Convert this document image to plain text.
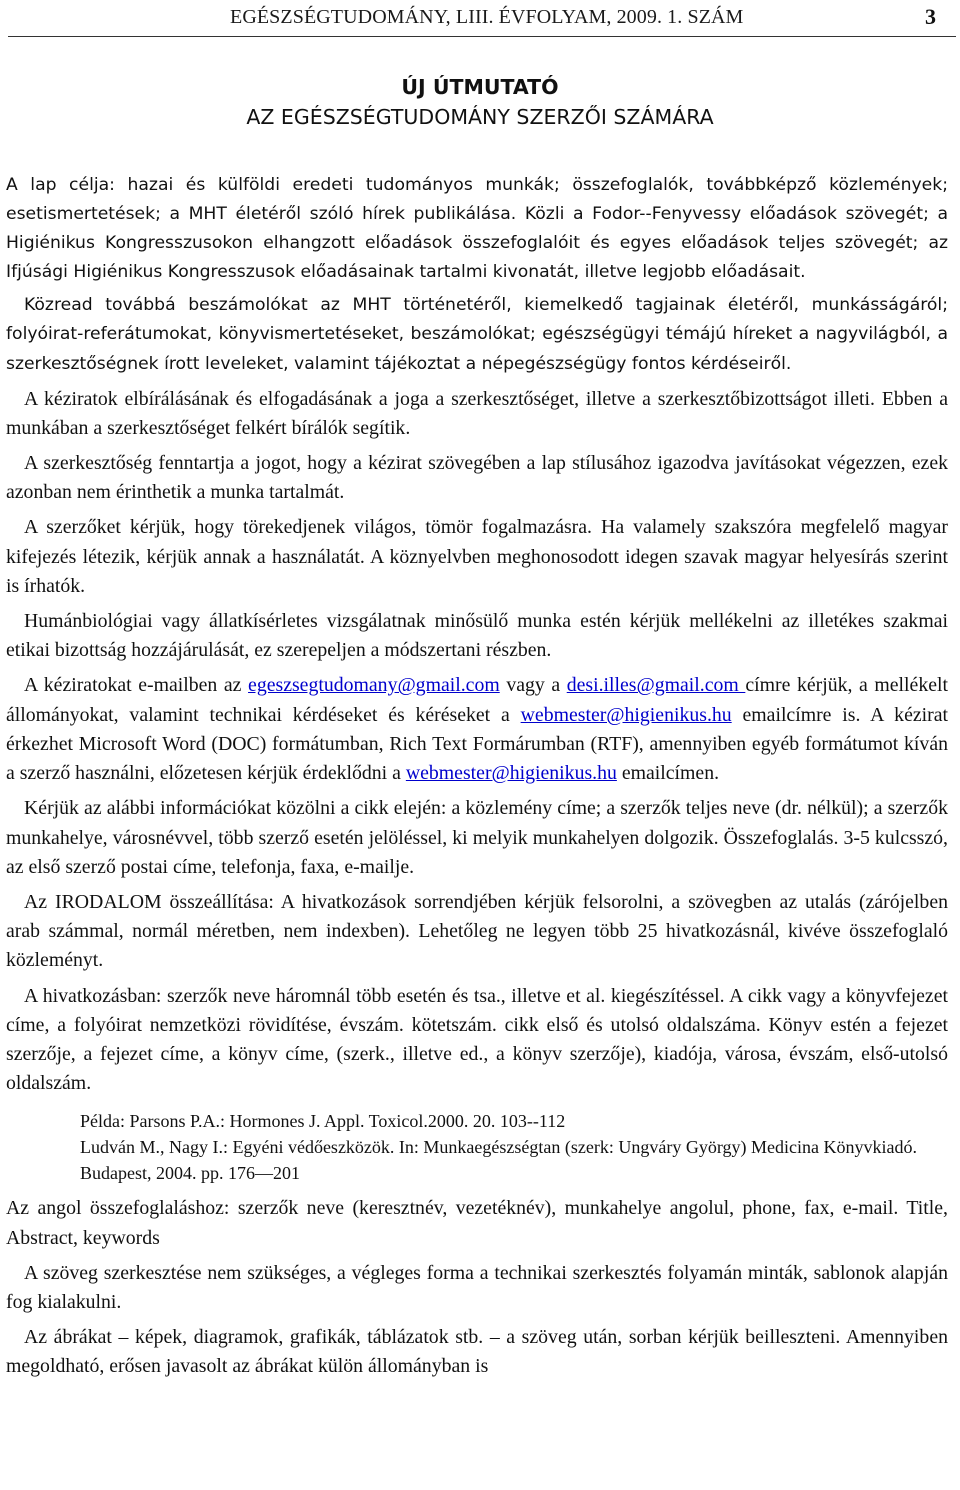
EGÉSZSÉGTUDOMÁNY, LIII. ÉVFOLYAM, 2009. 1. SZÁM	3
ÚJ ÚTMUTATÓ
AZ EGÉSZSÉGTUDOMÁNY SZERZŐI SZÁMÁRA

A lap célja: hazai és külföldi eredeti tudományos munkák; összefoglalók, továbbképző közlemények; esetismertetések; a MHT életéről szóló hírek publikálása. Közli a Fodor--Fenyvessy előadások szövegét; a Higiénikus Kongresszusokon elhangzott előadások összefoglalóit és egyes előadások teljes szövegét; az Ifjúsági Higiénikus Kongresszusok előadásainak tartalmi kivonatát, illetve legjobb előadásait.

Közread továbbá beszámolókat az MHT történetéről, kiemelkedő tagjainak életéről, munkásságáról; folyóirat-referátumokat, könyvismertetéseket, beszámolókat; egészségügyi témájú híreket a nagyvilágból, a szerkesztőségnek írott leveleket, valamint tájékoztat a népegészségügy fontos kérdéseiről.

A kéziratok elbírálásának és elfogadásának a joga a szerkesztőséget, illetve a szerkesztőbizottságot illeti. Ebben a munkában a szerkesztőséget felkért bírálók segítik.

A szerkesztőség fenntartja a jogot, hogy a kézirat szövegében a lap stílusához igazodva javításokat végezzen, ezek azonban nem érinthetik a munka tartalmát.

A szerzőket kérjük, hogy törekedjenek világos, tömör fogalmazásra. Ha valamely szakszóra megfelelő magyar kifejezés létezik, kérjük annak a használatát. A köznyelvben meghonosodott idegen szavak magyar helyesírás szerint is írhatók.

Humánbiológiai vagy állatkísérletes vizsgálatnak minősülő munka estén kérjük mellékelni az illetékes szakmai etikai bizottság hozzájárulását, ez szerepeljen a módszertani részben.

A kéziratokat e-mailben az egeszsegtudomany@gmail.com vagy a desi.illes@gmail.com címre kérjük, a mellékelt állományokat, valamint technikai kérdéseket és kéréseket a webmester@higienikus.hu emailcímre is. A kézirat érkezhet Microsoft Word (DOC) formátumban, Rich Text Formárumban (RTF), amennyiben egyéb formátumot kíván a szerző használni, előzetesen kérjük érdeklődni a webmester@higienikus.hu emailcímen.

Kérjük az alábbi információkat közölni a cikk elején: a közlemény címe; a szerzők teljes neve (dr. nélkül); a szerzők munkahelye, városnévvel, több szerző esetén jelöléssel, ki melyik munkahelyen dolgozik. Összefoglalás. 3-5 kulcsszó, az első szerző postai címe, telefonja, faxa, e-mailje.

Az IRODALOM összeállítása: A hivatkozások sorrendjében kérjük felsorolni, a szövegben az utalás (zárójelben arab számmal, normál méretben, nem indexben). Lehetőleg ne legyen több 25 hivatkozásnál, kivéve összefoglaló közleményt.

A hivatkozásban: szerzők neve háromnál több esetén és tsa., illetve et al. kiegészítéssel. A cikk vagy a könyvfejezet címe, a folyóirat nemzetközi rövidítése, évszám. kötetszám. cikk első és utolsó oldalszáma. Könyv estén a fejezet szerzője, a fejezet címe, a könyv címe, (szerk., illetve ed., a könyv szerzője), kiadója, városa, évszám, első-utolsó oldalszám.

Példa: Parsons P.A.: Hormones J. Appl. Toxicol.2000. 20. 103--112
Ludván M., Nagy I.: Egyéni védőeszközök. In: Munkaegészségtan (szerk: Ungváry György) Medicina Könyvkiadó. Budapest, 2004. pp. 176—201

Az angol összefoglaláshoz: szerzők neve (keresztnév, vezetéknév), munkahelye angolul, phone, fax, e-mail. Title, Abstract, keywords

A szöveg szerkesztése nem szükséges, a végleges forma a technikai szerkesztés folyamán minták, sablonok alapján fog kialakulni.

Az ábrákat – képek, diagramok, grafikák, táblázatok stb. – a szöveg után, sorban kérjük beilleszteni. Amennyiben megoldható, erősen javasolt az ábrákat külön állományban is
